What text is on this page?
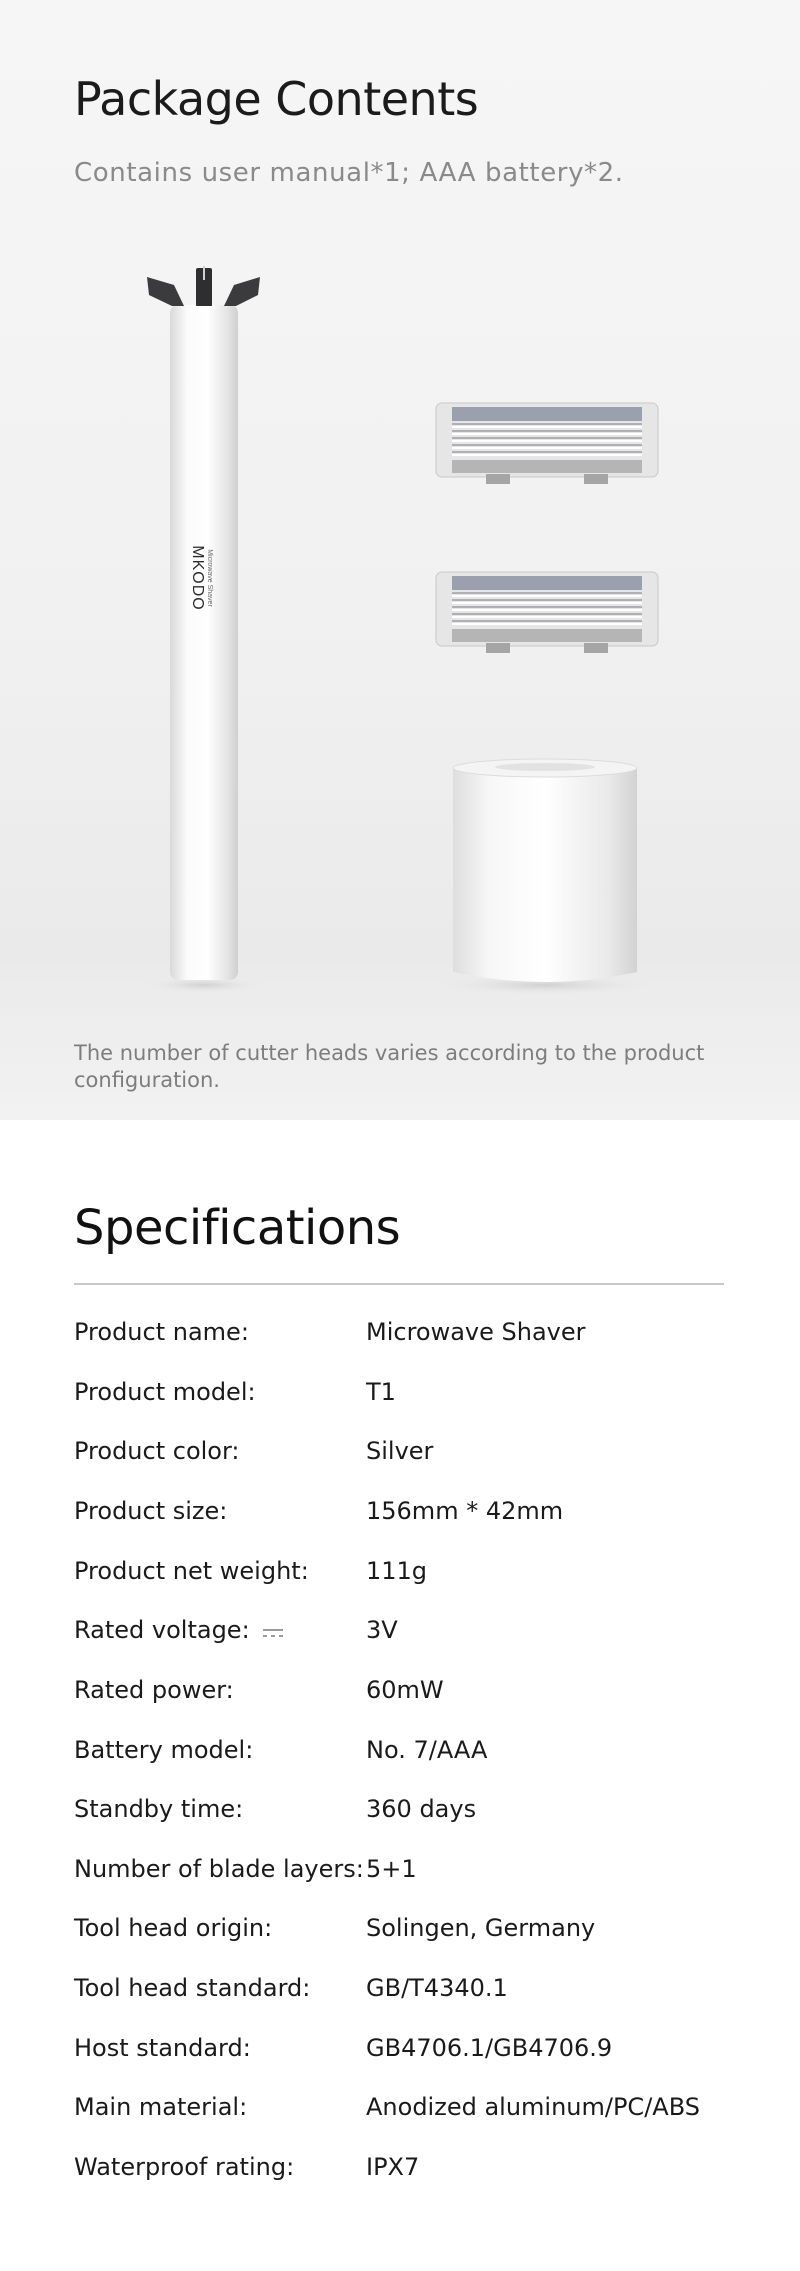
Package Contents

Contains user manual*1; AAA battery*2.

MKODO Microwave Shaver

The number of cutter heads varies according to the product configuration.

Specifications
Product name:	Microwave Shaver
Product model:	T1
Product color:	Silver
Product size:	156mm * 42mm
Product net weight: 111g
Rated voltage:	3V
Rated power:	60mW
Battery model:	No. 7/AAA
Standby time:	360 days
Number of blade layers: 5+1
Tool head origin:	Solingen, Germany
Tool head standard: GB/T4340.1
Host standard:	GB4706.1/GB4706.9
Main material:	Anodized aluminum/PC/ABS
Waterproof rating:	IPX7
